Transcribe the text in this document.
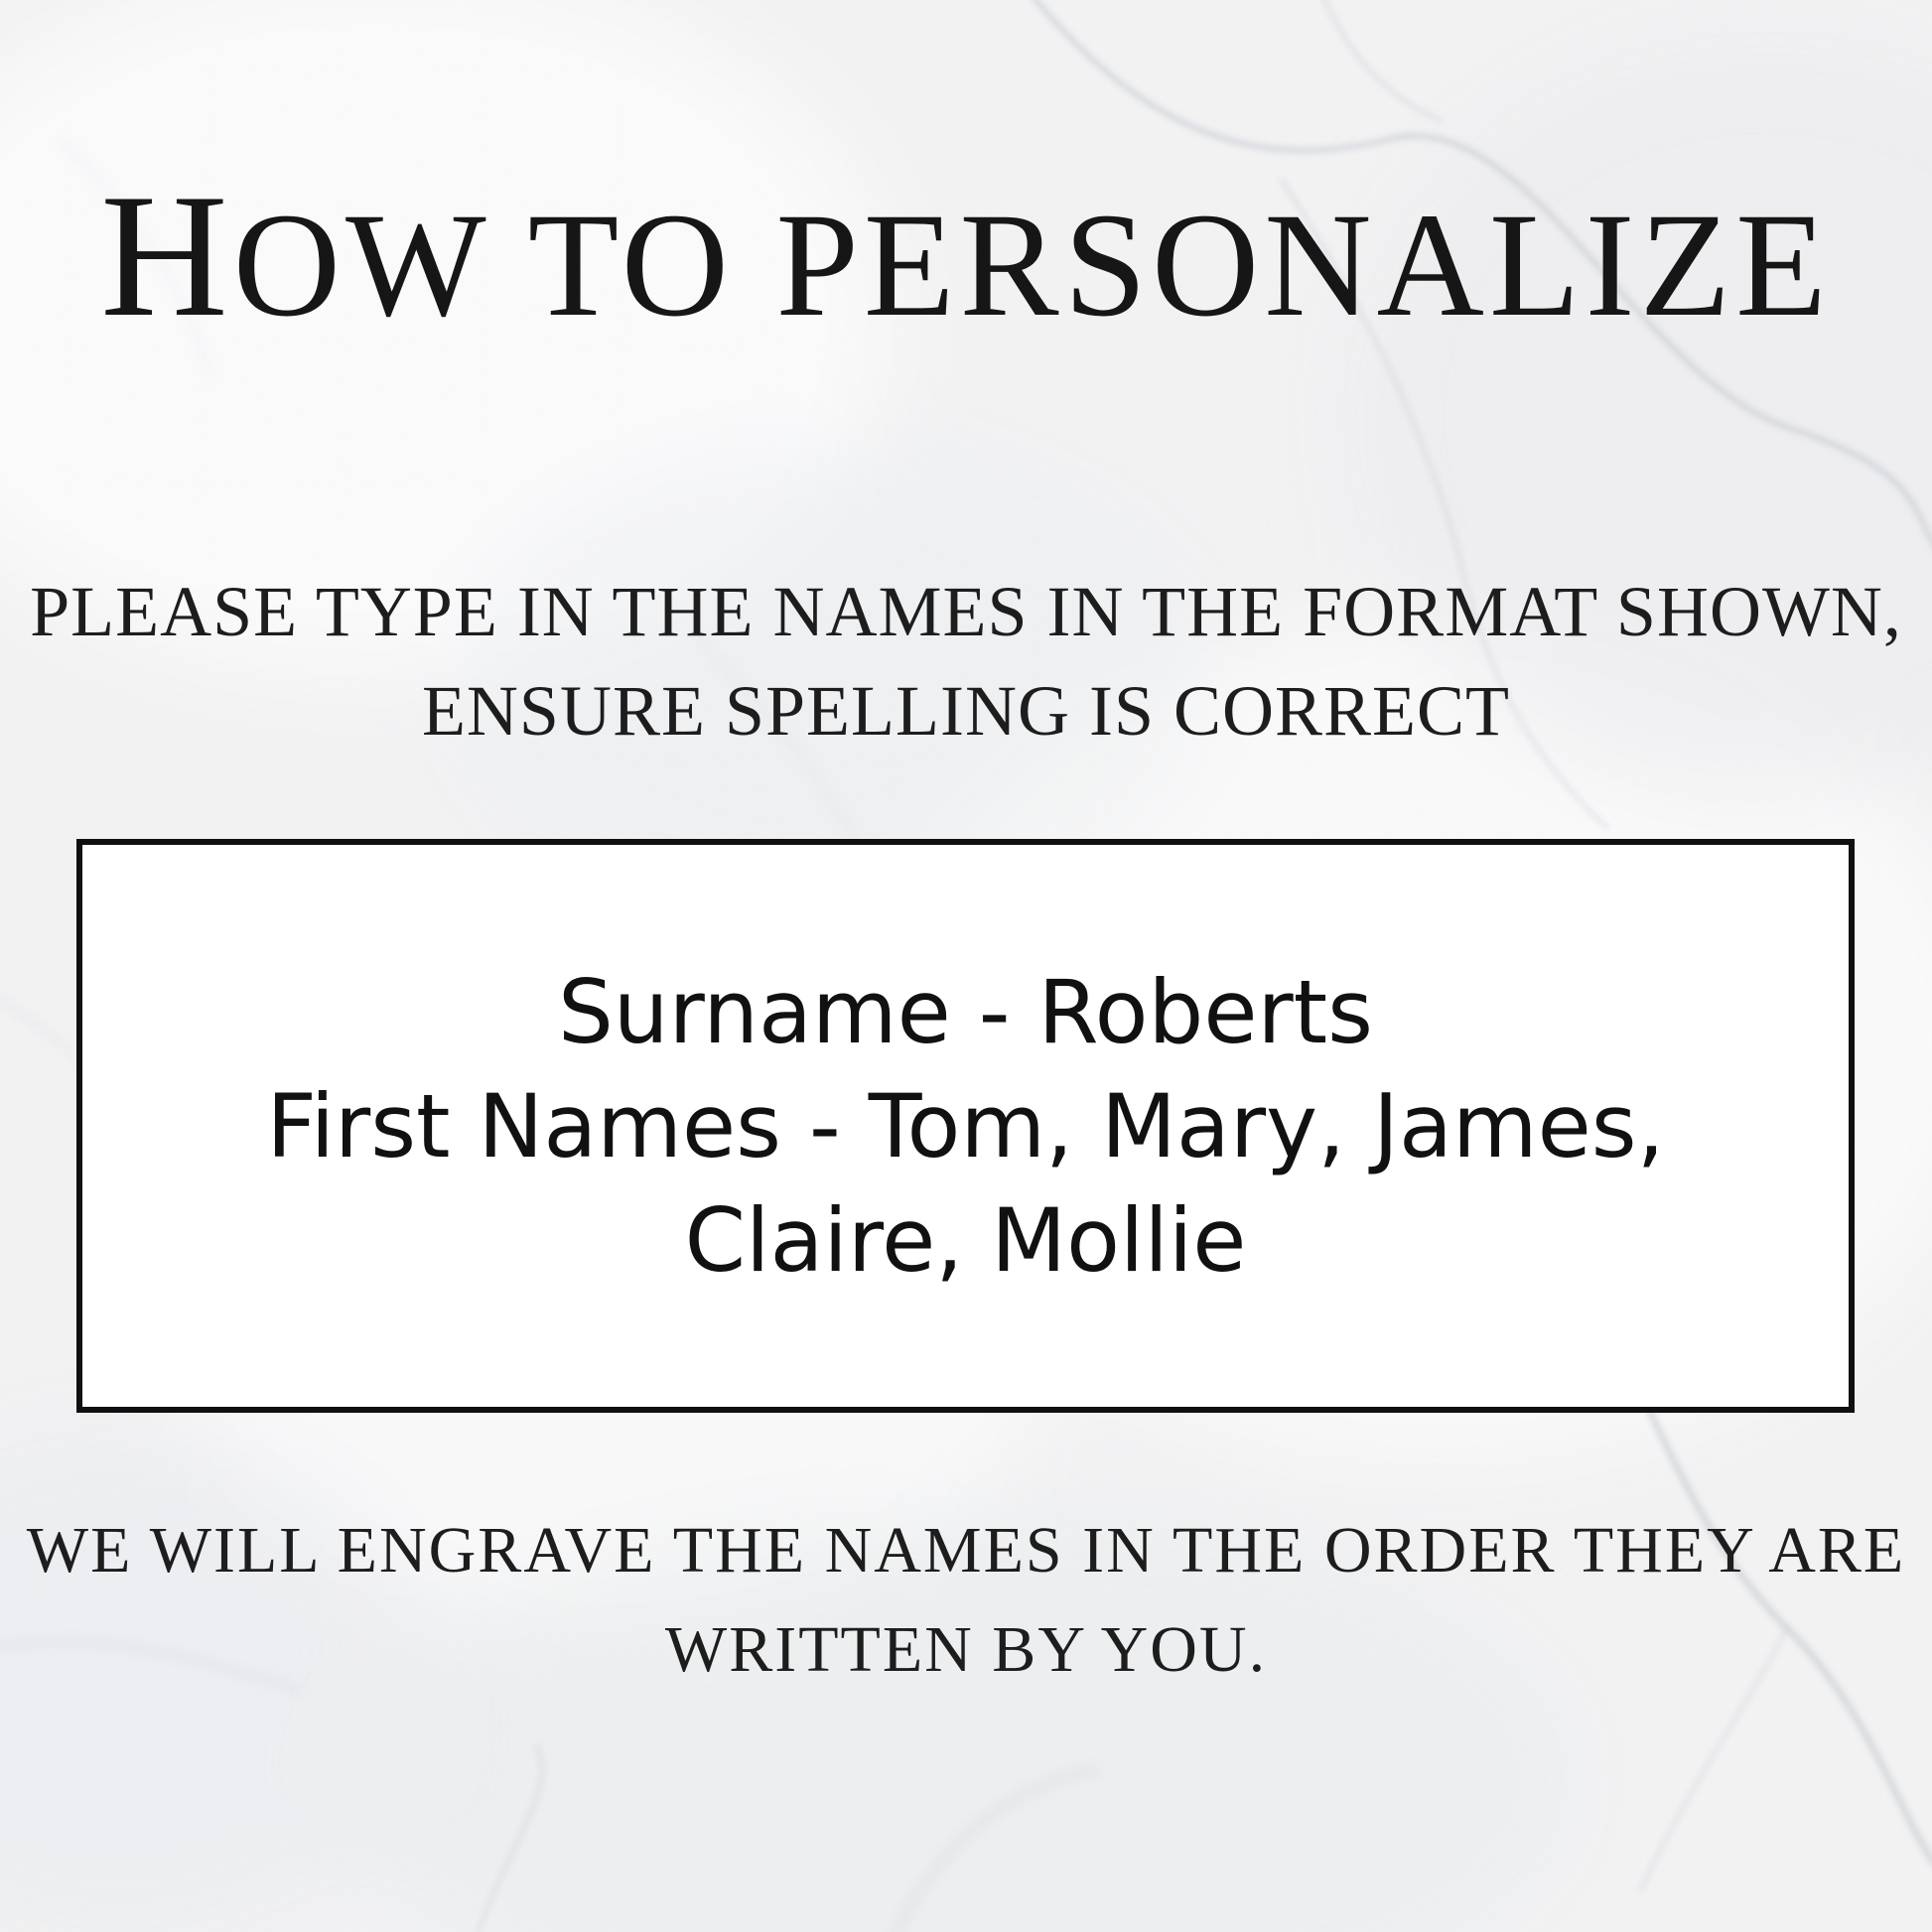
HOW TO PERSONALIZE
PLEASE TYPE IN THE NAMES IN THE FORMAT SHOWN,
ENSURE SPELLING IS CORRECT
Surname - Roberts
First Names - Tom, Mary, James,
Claire, Mollie
WE WILL ENGRAVE THE NAMES IN THE ORDER THEY ARE
WRITTEN BY YOU.
